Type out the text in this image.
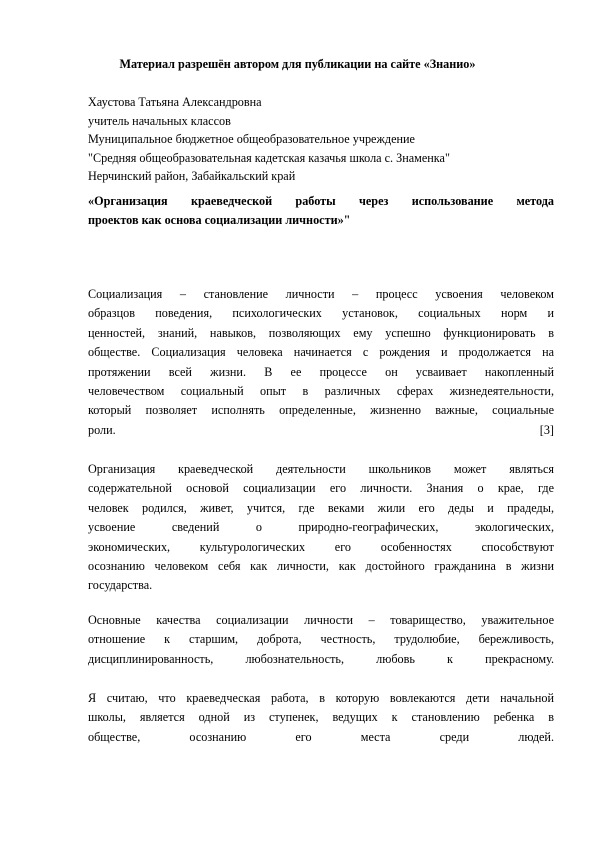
Материал разрешён автором для публикации на сайте «Знанио»
Хаустова Татьяна Александровна
учитель начальных классов
Муниципальное бюджетное общеобразовательное учреждение
"Средняя общеобразовательная кадетская казачья школа с. Знаменка"
Нерчинский район, Забайкальский край
«Организация краеведческой работы через использование метода
проектов как основа социализации личности»"
Социализация – становление личности – процесс усвоения человеком
образцов поведения, психологических установок, социальных норм и
ценностей, знаний, навыков, позволяющих ему успешно функционировать в
обществе. Социализация человека начинается с рождения и продолжается на
протяжении всей жизни. В ее процессе он усваивает накопленный
человечеством социальный опыт в различных сферах жизнедеятельности,
который позволяет исполнять определенные, жизненно важные, социальные
роли.	[3]
Организация краеведческой деятельности школьников может являться
содержательной основой социализации его личности. Знания о крае, где
человек родился, живет, учится, где веками жили его деды и прадеды,
усвоение сведений о природно-географических, экологических,
экономических, культурологических его особенностях способствуют
осознанию человеком себя как личности, как достойного гражданина в жизни
государства.
Основные качества социализации личности – товарищество, уважительное
отношение к старшим, доброта, честность, трудолюбие, бережливость,
дисциплинированность, любознательность, любовь к прекрасному.
Я считаю, что краеведческая работа, в которую вовлекаются дети начальной
школы, является одной из ступенек, ведущих к становлению ребенка в
обществе, осознанию его места среди людей.
